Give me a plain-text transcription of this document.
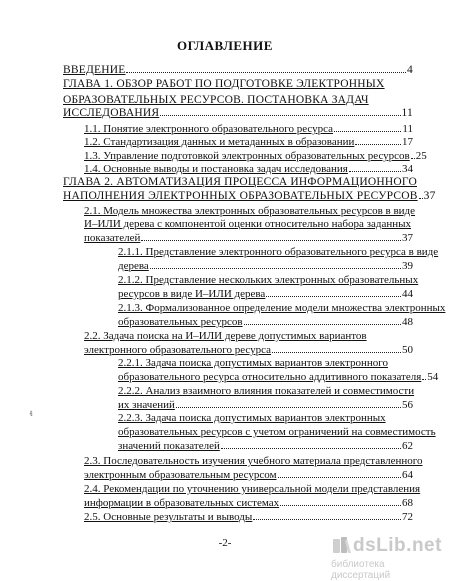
ОГЛАВЛЕНИЕ
ВВЕДЕНИЕ	4
ГЛАВА 1. ОБЗОР РАБОТ ПО ПОДГОТОВКЕ ЭЛЕКТРОННЫХ
ОБРАЗОВАТЕЛЬНЫХ РЕСУРСОВ. ПОСТАНОВКА ЗАДАЧ
ИССЛЕДОВАНИЯ	11
1.1. Понятие электронного образовательного ресурса	11
1.2. Стандартизация данных и метаданных в образовании	17
1.3. Управление подготовкой электронных образовательных ресурсов 25
1.4. Основные выводы и постановка задач исследования	34
ГЛАВА 2. АВТОМАТИЗАЦИЯ ПРОЦЕССА ИНФОРМАЦИОННОГО
НАПОЛНЕНИЯ ЭЛЕКТРОННЫХ ОБРАЗОВАТЕЛЬНЫХ РЕСУРСОВ 37
2.1. Модель множества электронных образовательных ресурсов в виде
И–ИЛИ дерева с компонентой оценки относительно набора заданных
показателей	37
2.1.1. Представление электронного образовательного ресурса в виде
дерева	39
2.1.2. Представление нескольких электронных образовательных
ресурсов в виде И–ИЛИ дерева	44
2.1.3. Формализованное определение модели множества электронных
образовательных ресурсов	48
2.2. Задача поиска на И–ИЛИ дереве допустимых вариантов
электронного образовательного ресурса	50
2.2.1. Задача поиска допустимых вариантов электронного
образовательного ресурса относительно аддитивного показателя 54
2.2.2. Анализ взаимного влияния показателей и совместимости
их значений	56
2.2.3. Задача поиска допустимых вариантов электронных
образовательных ресурсов с учетом ограничений на совместимость
значений показателей	62
2.3. Последовательность изучения учебного материала представленного
электронным образовательным ресурсом	64
2.4. Рекомендации по уточнению универсальной модели представления
информации в образовательных системах	68
2.5. Основные результаты и выводы	72
ᵵ
-2-	dsLib.net
библиотека диссертаций
